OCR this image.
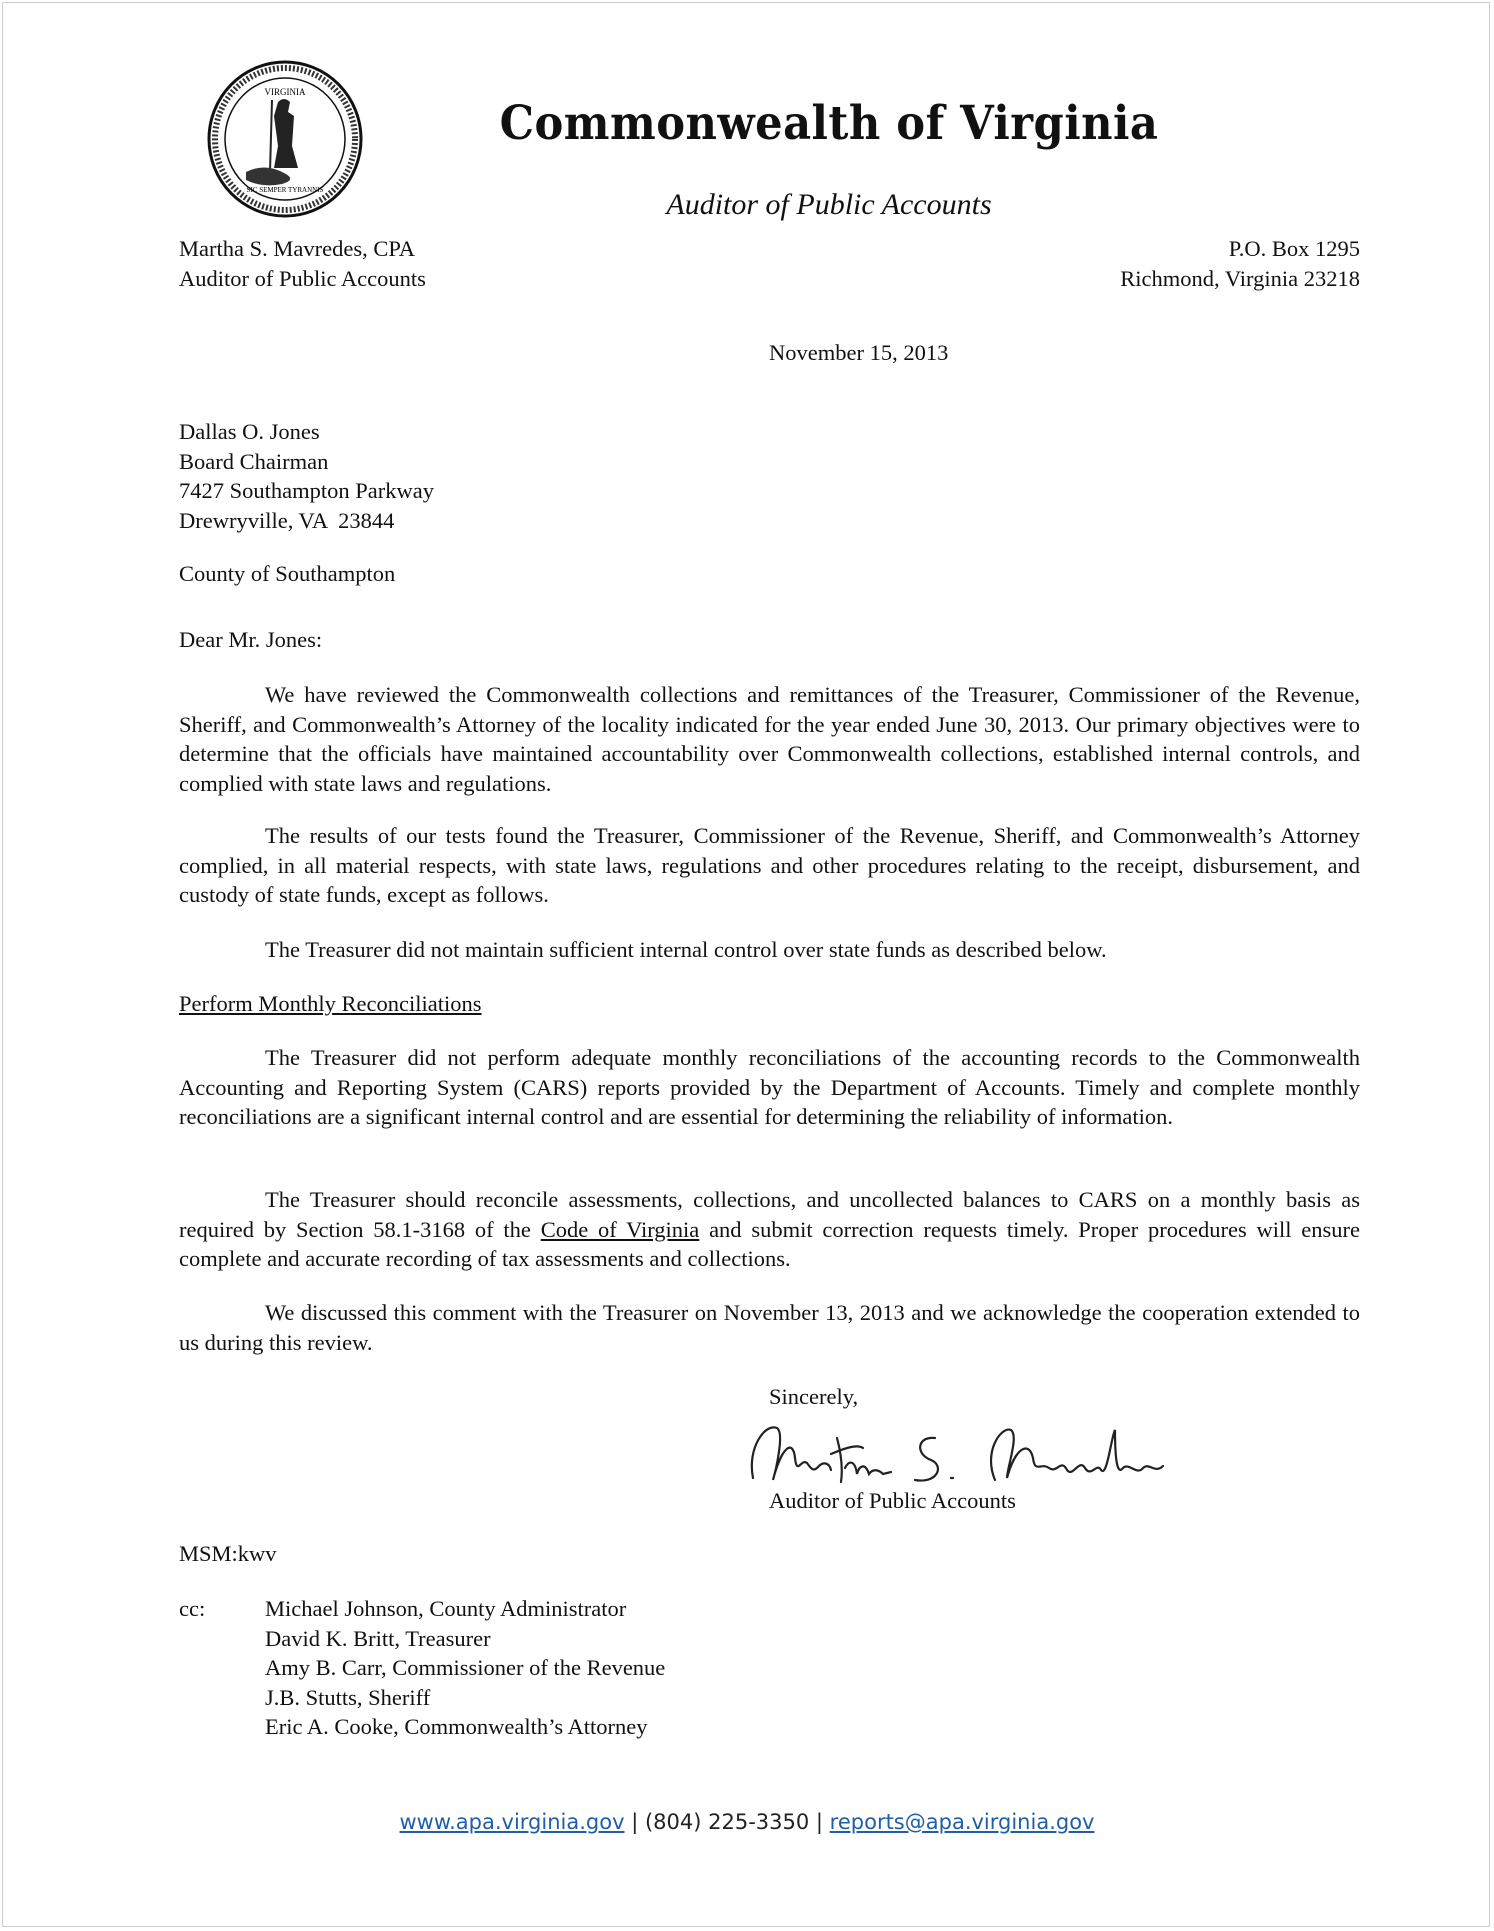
VIRGINIA
SIC SEMPER TYRANNIS
Commonwealth of Virginia
Auditor of Public Accounts
Martha S. Mavredes, CPA
Auditor of Public Accounts
P.O. Box 1295
Richmond, Virginia 23218
November 15, 2013
Dallas O. Jones
Board Chairman
7427 Southampton Parkway
Drewryville, VA  23844
County of Southampton
Dear Mr. Jones:

We have reviewed the Commonwealth collections and remittances of the Treasurer, Commissioner of the Revenue, Sheriff, and Commonwealth’s Attorney of the locality indicated for the year ended June 30, 2013. Our primary objectives were to determine that the officials have maintained accountability over Commonwealth collections, established internal controls, and complied with state laws and regulations.

The results of our tests found the Treasurer, Commissioner of the Revenue, Sheriff, and Commonwealth’s Attorney complied, in all material respects, with state laws, regulations and other procedures relating to the receipt, disbursement, and custody of state funds, except as follows.

The Treasurer did not maintain sufficient internal control over state funds as described below.

Perform Monthly Reconciliations

The Treasurer did not perform adequate monthly reconciliations of the accounting records to the Commonwealth Accounting and Reporting System (CARS) reports provided by the Department of Accounts. Timely and complete monthly reconciliations are a significant internal control and are essential for determining the reliability of information.

The Treasurer should reconcile assessments, collections, and uncollected balances to CARS on a monthly basis as required by Section 58.1-3168 of the Code of Virginia and submit correction requests timely. Proper procedures will ensure complete and accurate recording of tax assessments and collections.

We discussed this comment with the Treasurer on November 13, 2013 and we acknowledge the cooperation extended to us during this review.

Sincerely,
Auditor of Public Accounts
MSM:kwv
cc:	Michael Johnson, County Administrator
David K. Britt, Treasurer
Amy B. Carr, Commissioner of the Revenue
J.B. Stutts, Sheriff
Eric A. Cooke, Commonwealth’s Attorney
www.apa.virginia.gov | (804) 225-3350 | reports@apa.virginia.gov
